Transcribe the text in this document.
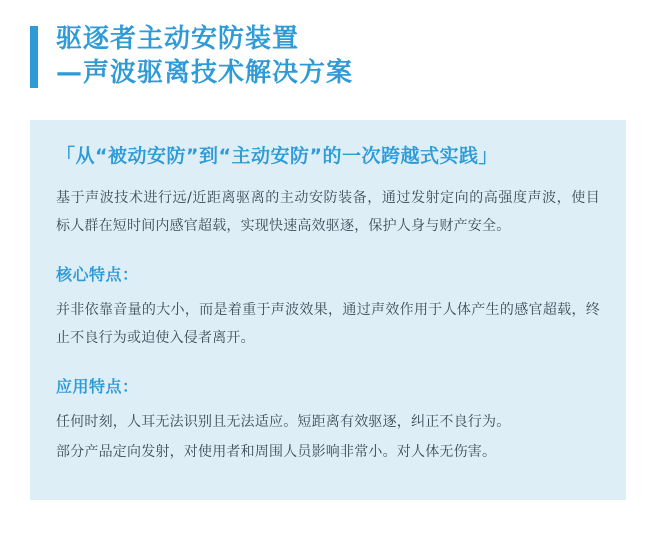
驱逐者主动安防装置
—声波驱离技术解决方案
「从“被动安防”到“主动安防”的一次跨越式实践」
基于声波技术进行远/近距离驱离的主动安防装备，通过发射定向的高强度声波，使目标人群在短时间内感官超载，实现快速高效驱逐，保护人身与财产安全。
核心特点：
并非依靠音量的大小，而是着重于声波效果，通过声效作用于人体产生的感官超载，终止不良行为或迫使入侵者离开。
应用特点：
任何时刻，人耳无法识别且无法适应。短距离有效驱逐，纠正不良行为。
部分产品定向发射，对使用者和周围人员影响非常小。对人体无伤害。
